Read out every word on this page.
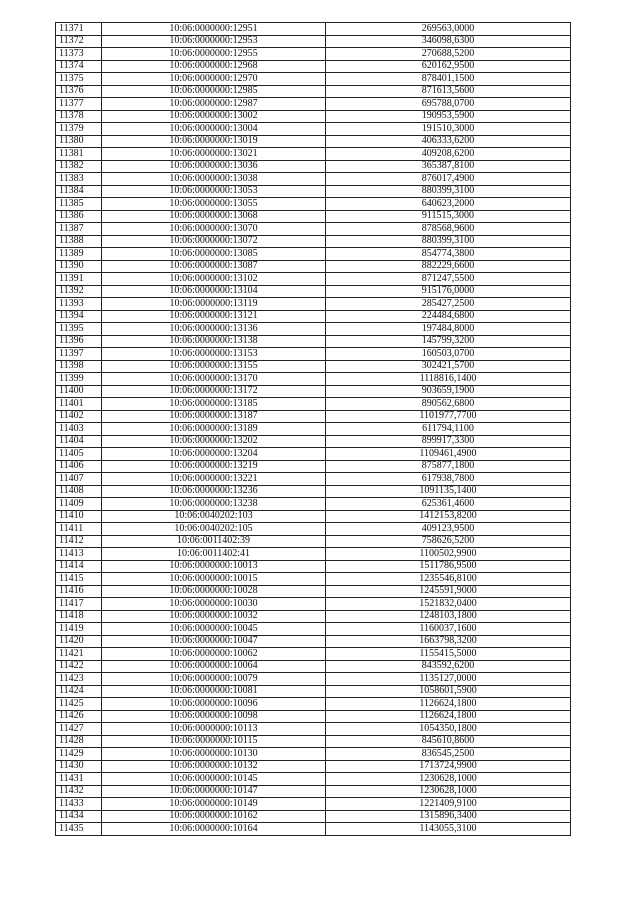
11371	10:06:0000000:12951	269563,0000
11372	10:06:0000000:12953	346098,6300
11373	10:06:0000000:12955	270688,5200
11374	10:06:0000000:12968	620162,9500
11375	10:06:0000000:12970	878401,1500
11376	10:06:0000000:12985	871613,5600
11377	10:06:0000000:12987	695788,0700
11378	10:06:0000000:13002	190953,5900
11379	10:06:0000000:13004	191510,3000
11380	10:06:0000000:13019	406333,6200
11381	10:06:0000000:13021	409208,6200
11382	10:06:0000000:13036	365387,8100
11383	10:06:0000000:13038	876017,4900
11384	10:06:0000000:13053	880399,3100
11385	10:06:0000000:13055	640623,2000
11386	10:06:0000000:13068	911515,3000
11387	10:06:0000000:13070	878568,9600
11388	10:06:0000000:13072	880399,3100
11389	10:06:0000000:13085	854774,3800
11390	10:06:0000000:13087	882229,6600
11391	10:06:0000000:13102	871247,5500
11392	10:06:0000000:13104	915176,0000
11393	10:06:0000000:13119	285427,2500
11394	10:06:0000000:13121	224484,6800
11395	10:06:0000000:13136	197484,8000
11396	10:06:0000000:13138	145799,3200
11397	10:06:0000000:13153	160503,0700
11398	10:06:0000000:13155	302421,5700
11399	10:06:0000000:13170	1118816,1400
11400	10:06:0000000:13172	903659,1900
11401	10:06:0000000:13185	890562,6800
11402	10:06:0000000:13187	1101977,7700
11403	10:06:0000000:13189	611794,1100
11404	10:06:0000000:13202	899917,3300
11405	10:06:0000000:13204	1109461,4900
11406	10:06:0000000:13219	875877,1800
11407	10:06:0000000:13221	617938,7800
11408	10:06:0000000:13236	1091135,1400
11409	10:06:0000000:13238	625361,4600
11410	10:06:0040202:103	1412153,8200
11411	10:06:0040202:105	409123,9500
11412	10:06:0011402:39	758626,5200
11413	10:06:0011402:41	1100502,9900
11414	10:06:0000000:10013	1511786,9500
11415	10:06:0000000:10015	1235546,8100
11416	10:06:0000000:10028	1245591,9000
11417	10:06:0000000:10030	1521832,0400
11418	10:06:0000000:10032	1248103,1800
11419	10:06:0000000:10045	1160037,1600
11420	10:06:0000000:10047	1663798,3200
11421	10:06:0000000:10062	1155415,5000
11422	10:06:0000000:10064	843592,6200
11423	10:06:0000000:10079	1135127,0000
11424	10:06:0000000:10081	1058601,5900
11425	10:06:0000000:10096	1126624,1800
11426	10:06:0000000:10098	1126624,1800
11427	10:06:0000000:10113	1054350,1800
11428	10:06:0000000:10115	845610,8600
11429	10:06:0000000:10130	836545,2500
11430	10:06:0000000:10132	1713724,9900
11431	10:06:0000000:10145	1230628,1000
11432	10:06:0000000:10147	1230628,1000
11433	10:06:0000000:10149	1221409,9100
11434	10:06:0000000:10162	1315896,3400
11435	10:06:0000000:10164	1143055,3100
